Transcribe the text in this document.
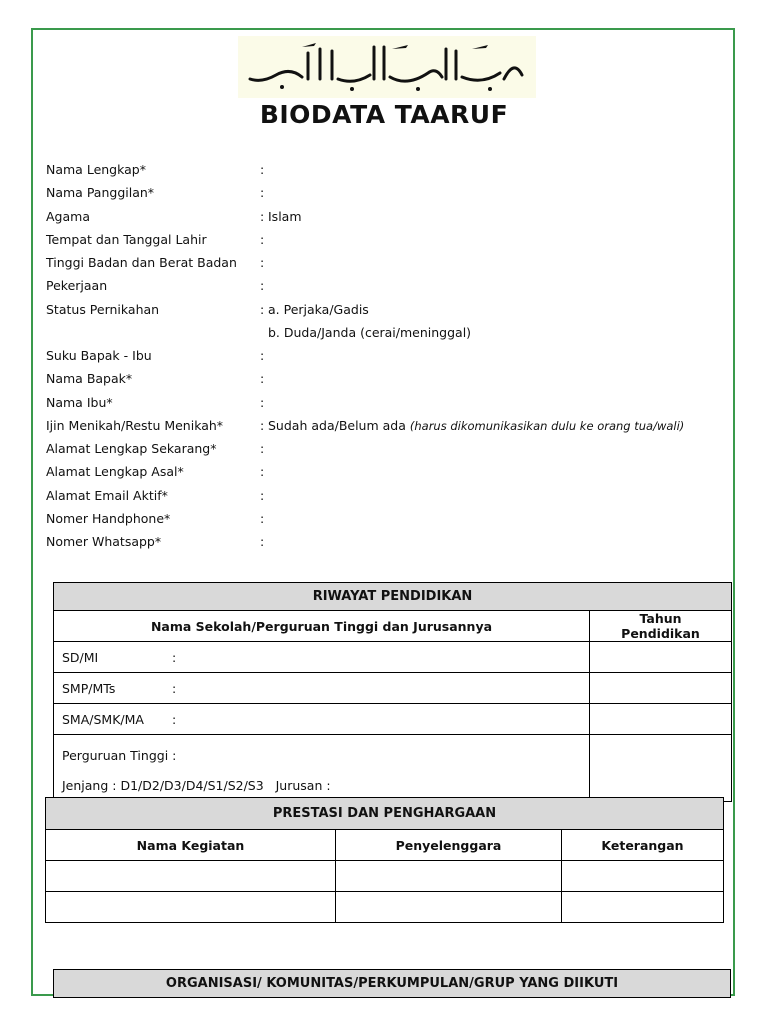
BIODATA TAARUF
Nama Lengkap*	:
Nama Panggilan*	:
Agama	: Islam
Tempat dan Tanggal Lahir	:
Tinggi Badan dan Berat Badan :
Pekerjaan	:
Status Pernikahan	: a. Perjaka/Gadis
b. Duda/Janda (cerai/meninggal)
Suku Bapak - Ibu	:
Nama Bapak*	:
Nama Ibu*	:
Ijin Menikah/Restu Menikah*	: Sudah ada/Belum ada (harus dikomunikasikan dulu ke orang tua/wali)
Alamat Lengkap Sekarang*	:
Alamat Lengkap Asal*	:
Alamat Email Aktif*	:
Nomer Handphone*	:
Nomer Whatsapp*	:
RIWAYAT PENDIDIKAN	
Nama Sekolah/Perguruan Tinggi dan Jurusannya	Tahun Pendidikan
SD/MI :	
SMP/MTs :	
SMA/SMK/MA :	

Perguruan Tinggi :
Jenjang : D1/D2/D3/D4/S1/S2/S3   Jurusan :	

PRESTASI DAN PENGHARGAAN		
Nama Kegiatan	Penyelenggara	Keterangan

ORGANISASI/ KOMUNITAS/PERKUMPULAN/GRUP YANG DIIKUTI
